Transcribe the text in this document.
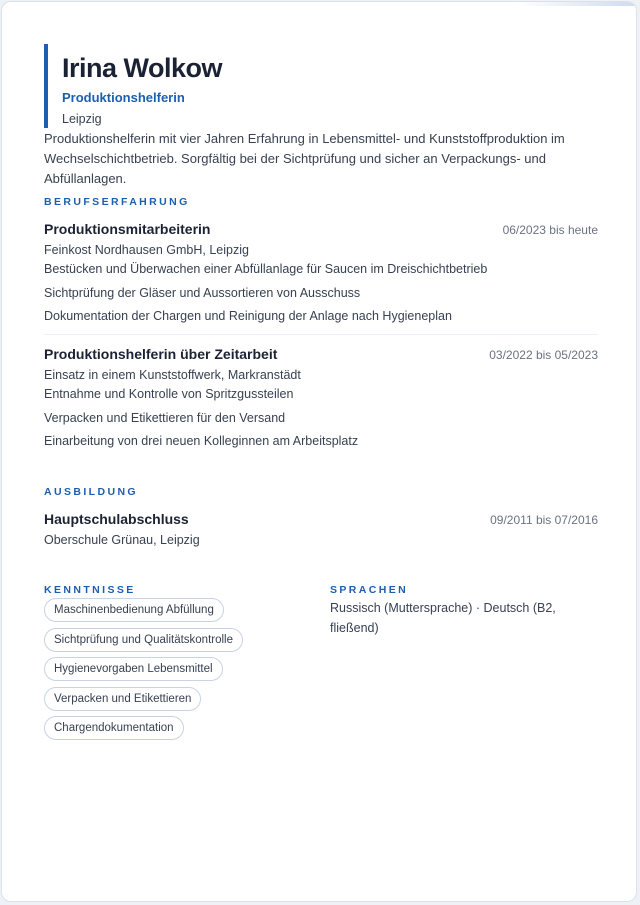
Irina Wolkow
Produktionshelferin
Leipzig

Produktionshelferin mit vier Jahren Erfahrung in Lebensmittel- und Kunststoffproduktion im Wechselschichtbetrieb. Sorgfältig bei der Sichtprüfung und sicher an Verpackungs- und Abfüllanlagen.

BERUFSERFAHRUNG
Produktionsmitarbeiterin	06/2023 bis heute
Feinkost Nordhausen GmbH, Leipzig
Bestücken und Überwachen einer Abfüllanlage für Saucen im Dreischichtbetrieb
Sichtprüfung der Gläser und Aussortieren von Ausschuss
Dokumentation der Chargen und Reinigung der Anlage nach Hygieneplan
Produktionshelferin über Zeitarbeit	03/2022 bis 05/2023
Einsatz in einem Kunststoffwerk, Markranstädt
Entnahme und Kontrolle von Spritzgussteilen
Verpacken und Etikettieren für den Versand
Einarbeitung von drei neuen Kolleginnen am Arbeitsplatz
AUSBILDUNG
Hauptschulabschluss	09/2011 bis 07/2016
Oberschule Grünau, Leipzig
KENNTNISSE
Maschinenbedienung Abfüllung
Sichtprüfung und Qualitätskontrolle
Hygienevorgaben Lebensmittel
Verpacken und Etikettieren
Chargendokumentation
SPRACHEN

Russisch (Muttersprache) · Deutsch (B2, fließend)
